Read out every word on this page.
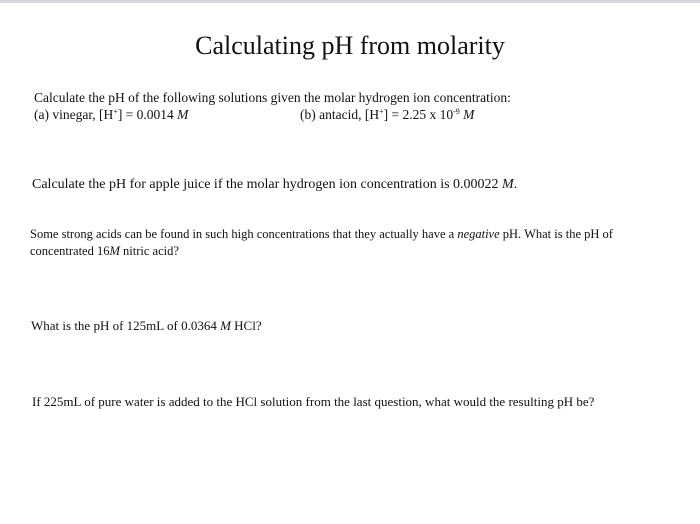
Calculating pH from molarity
Calculate the pH of the following solutions given the molar hydrogen ion concentration:
(a) vinegar, [H+] = 0.0014 M	(b) antacid, [H+] = 2.25 x $10^{-9}$ M
Calculate the pH for apple juice if the molar hydrogen ion concentration is 0.00022 M.
Some strong acids can be found in such high concentrations that they actually have a negative pH. What is the pH of concentrated 16M nitric acid?
What is the pH of 125mL of 0.0364 M HCl?
If 225mL of pure water is added to the HCl solution from the last question, what would the resulting pH be?
